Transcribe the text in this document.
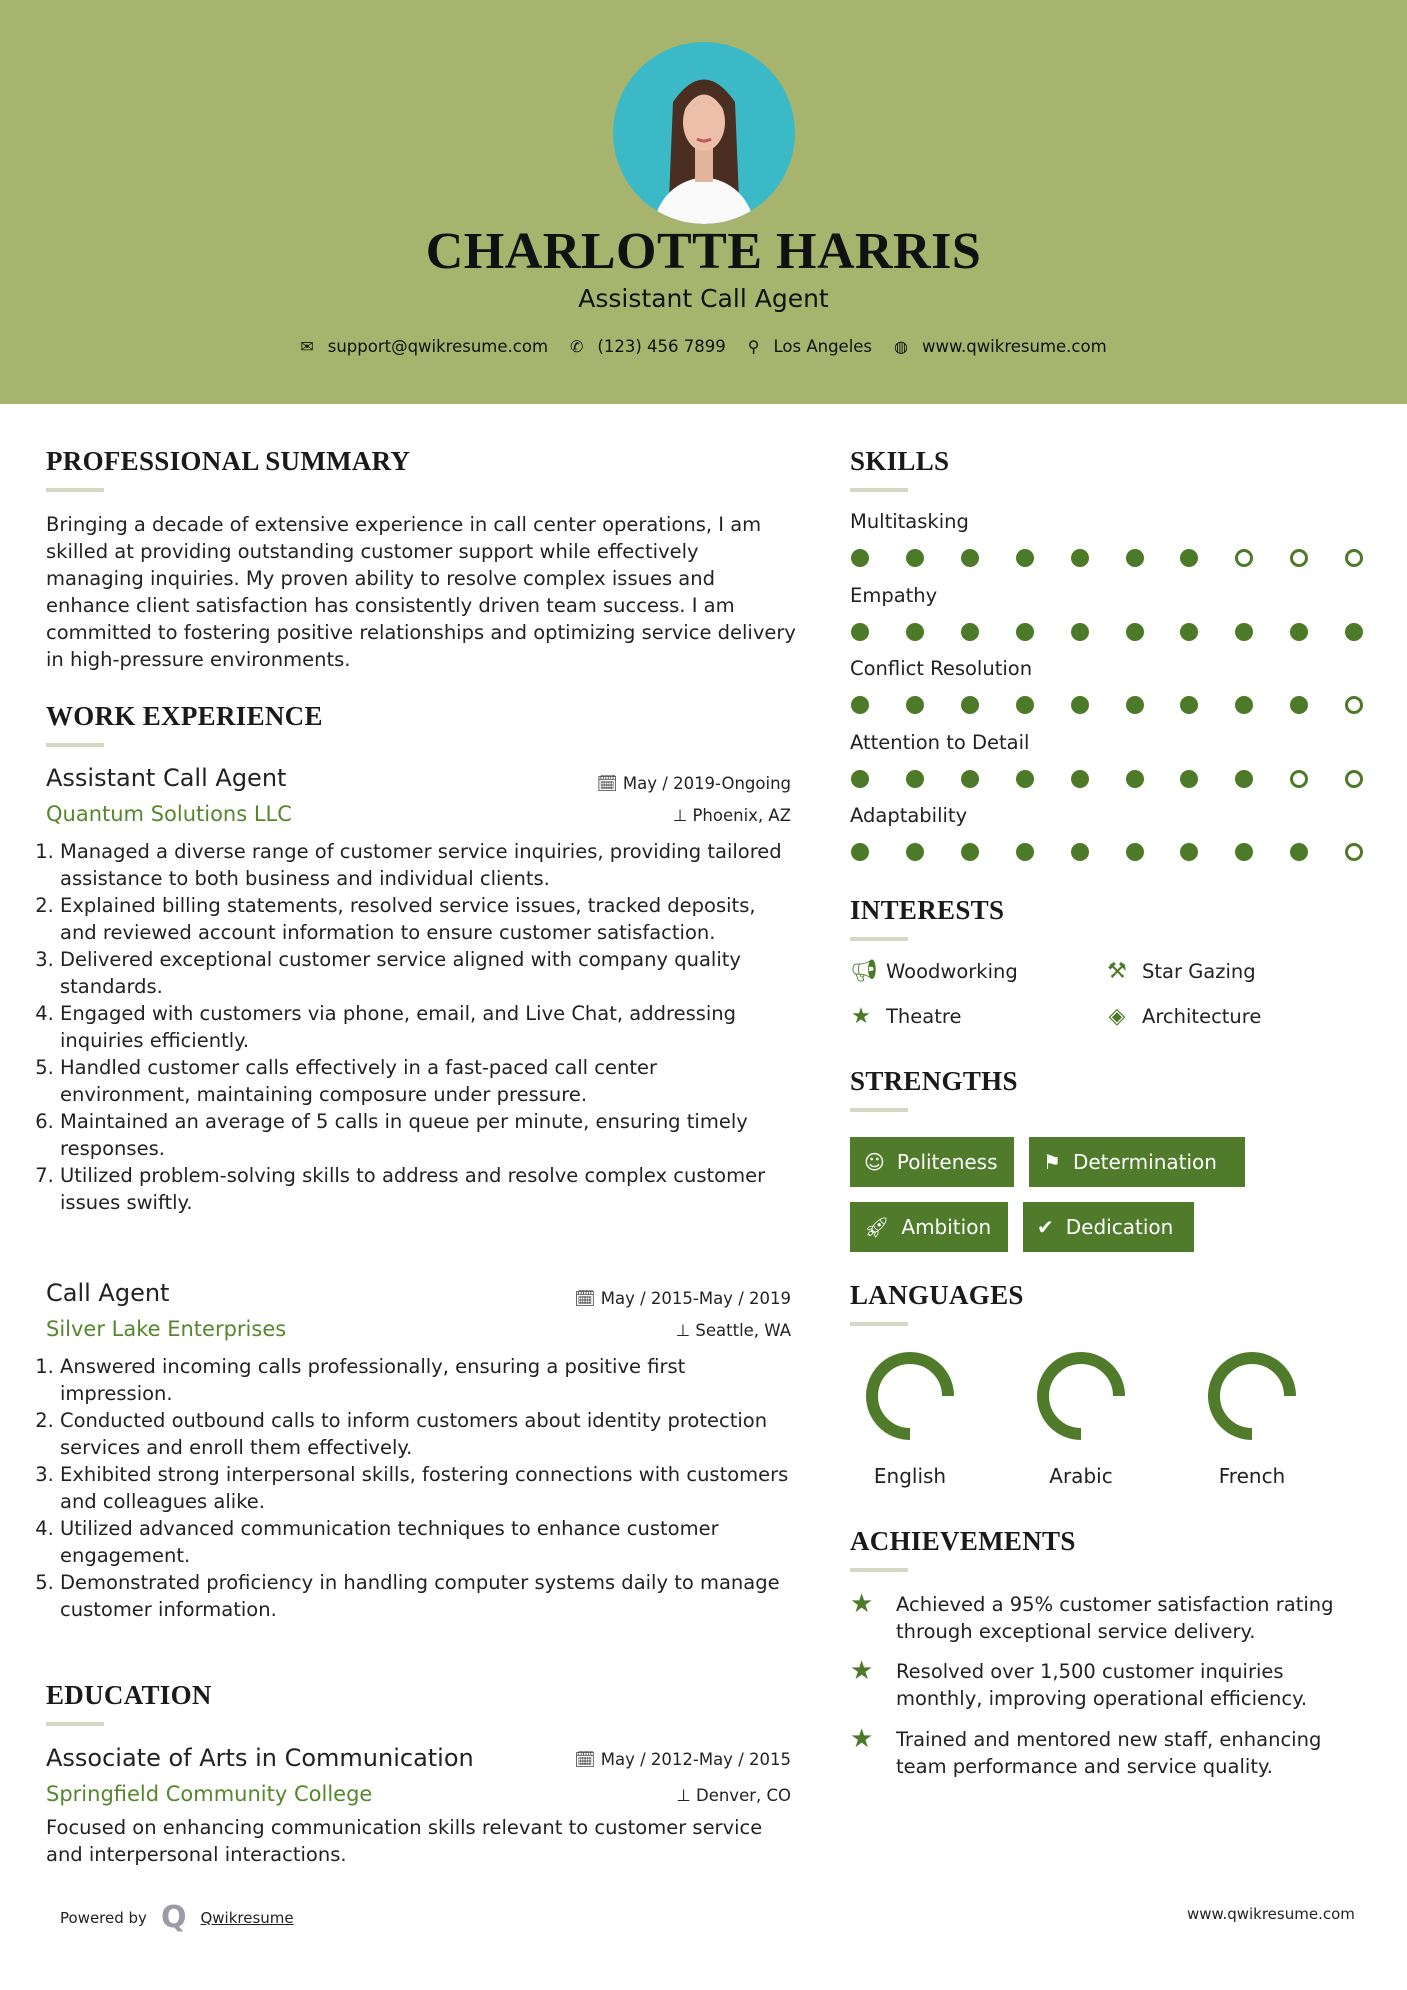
CHARLOTTE HARRIS
Assistant Call Agent
✉ support@qwikresume.com ✆ (123) 456 7899 ⚲ Los Angeles ◍ www.qwikresume.com
PROFESSIONAL SUMMARY
Bringing a decade of extensive experience in call center operations, I am skilled at providing outstanding customer support while effectively managing inquiries. My proven ability to resolve complex issues and enhance client satisfaction has consistently driven team success. I am committed to fostering positive relationships and optimizing service delivery in high-pressure environments.
WORK EXPERIENCE
Assistant Call Agent
Quantum Solutions LLC
🗓 May / 2019-Ongoing
⊥ Phoenix, AZ
1. Managed a diverse range of customer service inquiries, providing tailored assistance to both business and individual clients.
2. Explained billing statements, resolved service issues, tracked deposits, and reviewed account information to ensure customer satisfaction.
3. Delivered exceptional customer service aligned with company quality standards.
4. Engaged with customers via phone, email, and Live Chat, addressing inquiries efficiently.
5. Handled customer calls effectively in a fast-paced call center environment, maintaining composure under pressure.
6. Maintained an average of 5 calls in queue per minute, ensuring timely responses.
7. Utilized problem-solving skills to address and resolve complex customer issues swiftly.
Call Agent
Silver Lake Enterprises
🗓 May / 2015-May / 2019
⊥ Seattle, WA
1. Answered incoming calls professionally, ensuring a positive first impression.
2. Conducted outbound calls to inform customers about identity protection services and enroll them effectively.
3. Exhibited strong interpersonal skills, fostering connections with customers and colleagues alike.
4. Utilized advanced communication techniques to enhance customer engagement.
5. Demonstrated proficiency in handling computer systems daily to manage customer information.
EDUCATION
Associate of Arts in Communication
Springfield Community College
🗓 May / 2012-May / 2015
⊥ Denver, CO
Focused on enhancing communication skills relevant to customer service and interpersonal interactions.
Powered by Q Qwikresume	www.qwikresume.com
SKILLS
Multitasking
Empathy
Conflict Resolution
Attention to Detail
Adaptability
INTERESTS
📢︎ Woodworking	⚒ Star Gazing
★ Theatre	◈ Architecture
STRENGTHS
☺ Politeness ⚑ Determination
🚀︎ Ambition ✔ Dedication
LANGUAGES
English	Arabic	French
ACHIEVEMENTS
★	Achieved a 95% customer satisfaction rating through exceptional service delivery.
★	Resolved over 1,500 customer inquiries monthly, improving operational efficiency.
★	Trained and mentored new staff, enhancing team performance and service quality.
